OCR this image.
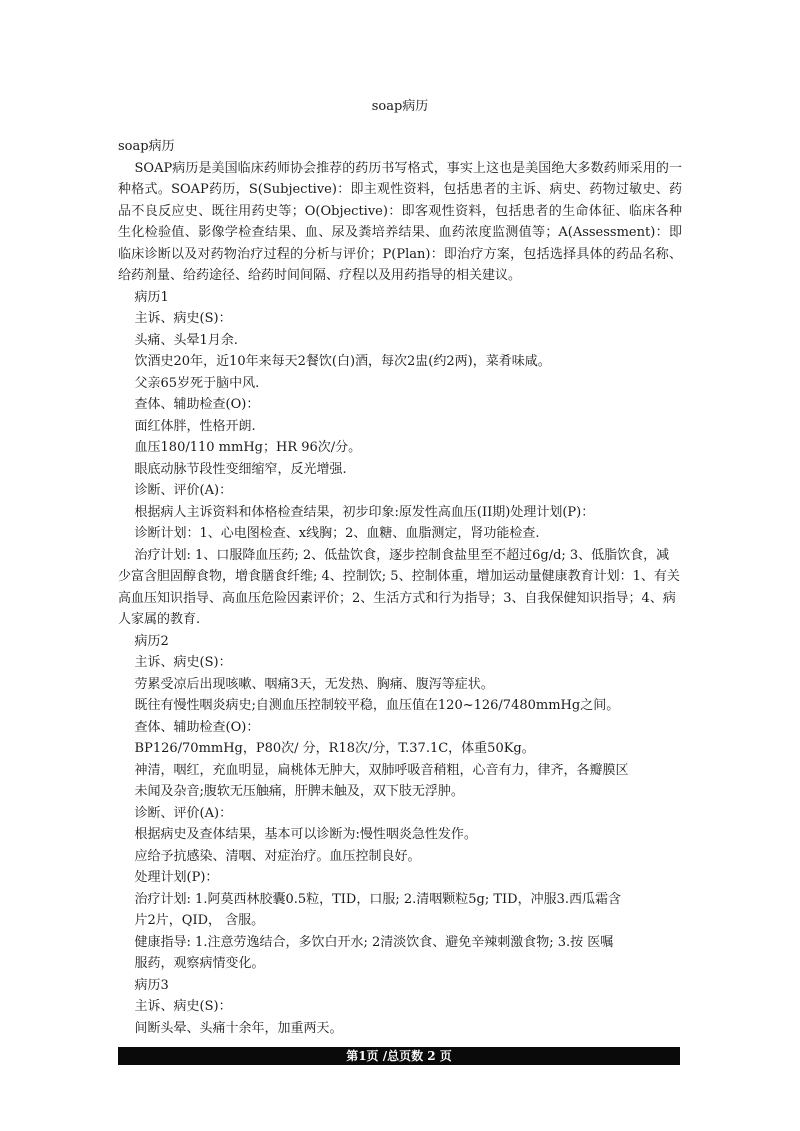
soap病历

soap病历

SOAP病历是美国临床药师协会推荐的药历书写格式，事实上这也是美国绝大多数药师采用的一种格式。SOAP药历，S(Subjective)：即主观性资料，包括患者的主诉、病史、药物过敏史、药品不良反应史、既往用药史等；O(Objective)：即客观性资料，包括患者的生命体征、临床各种生化检验值、影像学检查结果、血、尿及粪培养结果、血药浓度监测值等；A(Assessment)：即临床诊断以及对药物治疗过程的分析与评价；P(Plan)：即治疗方案，包括选择具体的药品名称、给药剂量、给药途径、给药时间间隔、疗程以及用药指导的相关建议。

病历1

主诉、病史(S)：

头痛、头晕1月余.

饮酒史20年，近10年来每天2餐饮(白)酒，每次2盅(约2两)，菜肴味咸。

父亲65岁死于脑中风.

查体、辅助检查(O)：

面红体胖，性格开朗.

血压180/110 mmHg；HR 96次/分。

眼底动脉节段性变细缩窄，反光增强.

诊断、评价(A)：

根据病人主诉资料和体格检查结果，初步印象:原发性高血压(II期)处理计划(P)：

诊断计划：1、心电图检查、x线胸；2、血糖、血脂测定，肾功能检查.

治疗计划: 1、口服降血压药; 2、低盐饮食，逐步控制食盐里至不超过6g/d; 3、低脂饮食，减少富含胆固醇食物，增食膳食纤维; 4、控制饮; 5、控制体重，增加运动量健康教育计划：1、有关高血压知识指导、高血压危险因素评价；2、生活方式和行为指导；3、自我保健知识指导；4、病人家属的教育.

病历2

主诉、病史(S)：

劳累受凉后出现咳嗽、咽痛3天，无发热、胸痛、腹泻等症状。

既往有慢性咽炎病史;自测血压控制较平稳，血压值在120~126/7480mmHg之间。

查体、辅助检查(O)：

BP126/70mmHg，P80次/ 分，R18次/分，T.37.1C，体重50Kg。

神清，咽红，充血明显，扁桃体无肿大，双肺呼吸音稍粗，心音有力，律齐，各瓣膜区

未闻及杂音;腹软无压触痛，肝脾未触及，双下肢无浮肿。

诊断、评价(A)：

根据病史及查体结果，基本可以诊断为:慢性咽炎急性发作。

应给予抗感染、清咽、对症治疗。血压控制良好。

处理计划(P)：

治疗计划: 1.阿莫西林胶囊0.5粒，TID，口服; 2.清咽颗粒5g; TID，冲服3.西瓜霜含

片2片，QID， 含服。

健康指导: 1.注意劳逸结合，多饮白开水; 2清淡饮食、避免辛辣刺激食物; 3.按 医嘱

服药，观察病情变化。

病历3

主诉、病史(S)：

间断头晕、头痛十余年，加重两天。

第1页 /总页数 2 页
